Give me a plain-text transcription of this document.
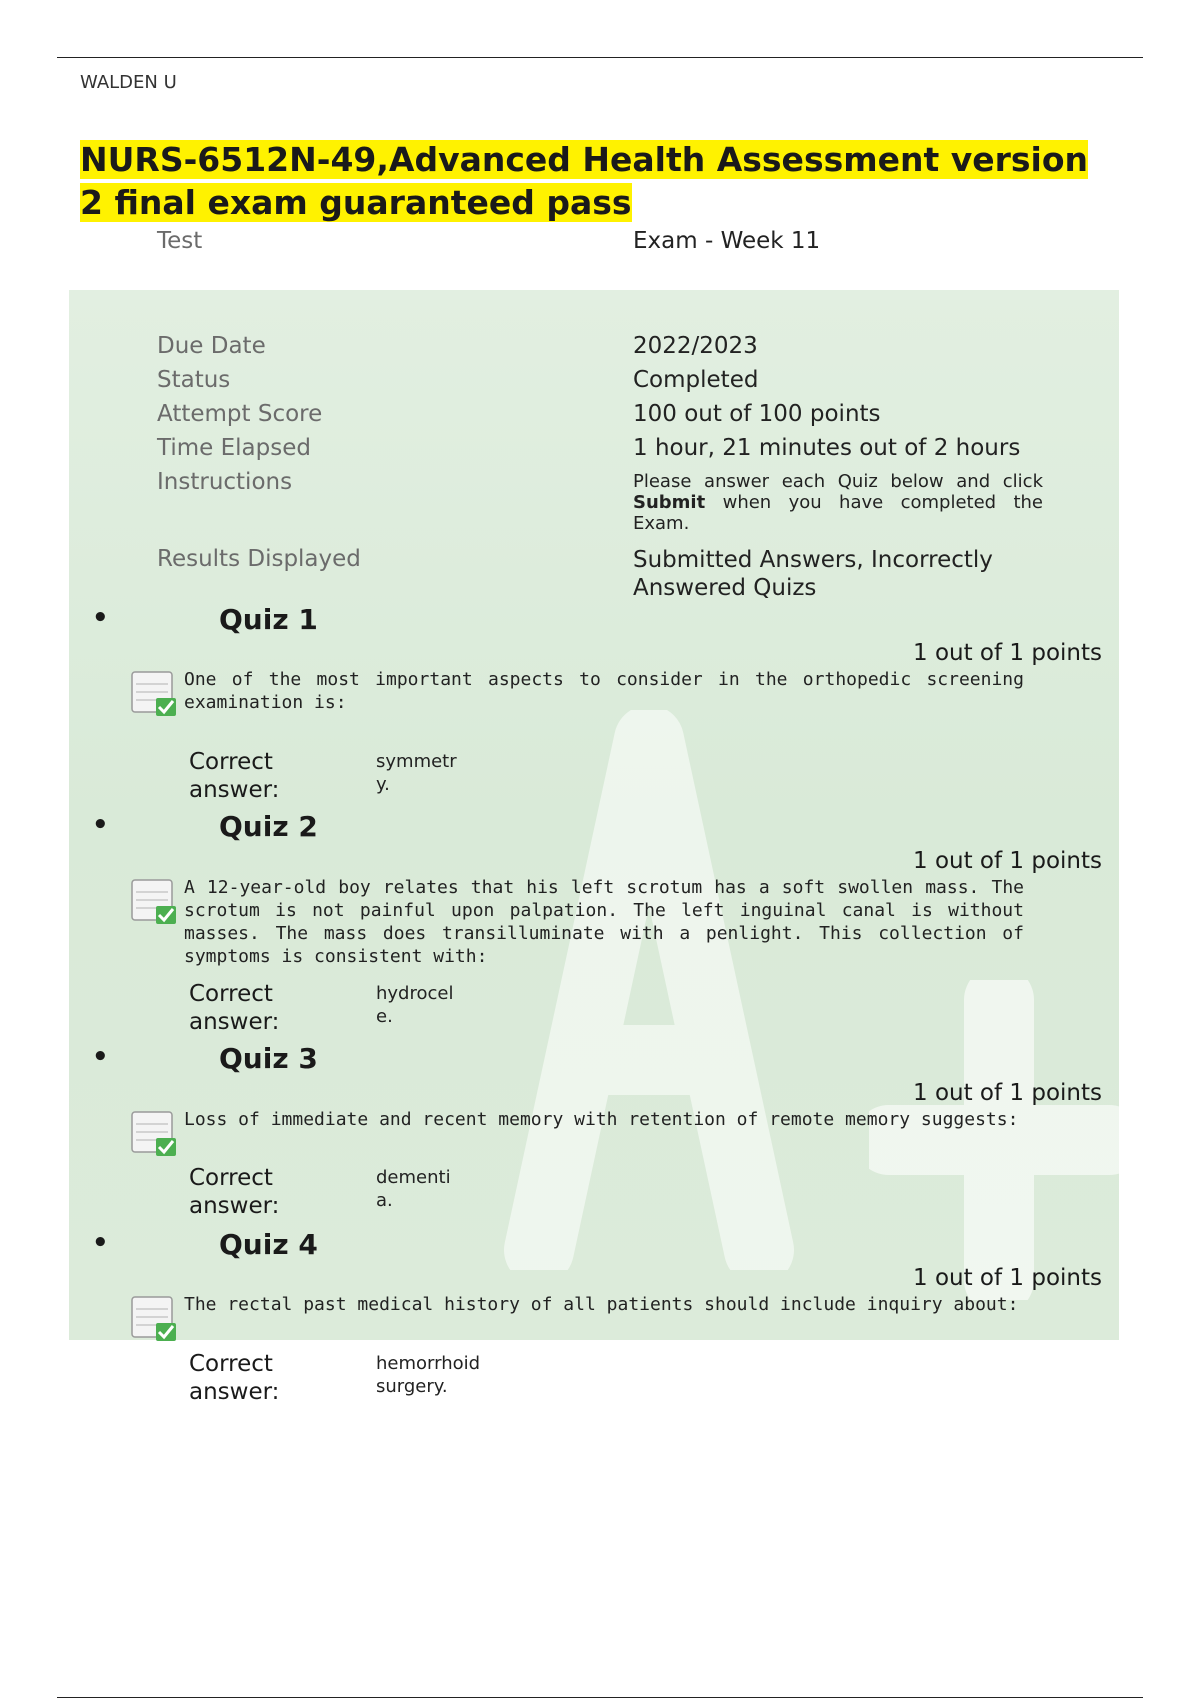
WALDEN U
NURS-6512N-49,Advanced Health Assessment version 2 final exam guaranteed pass
Test	Exam - Week 11
Due Date	2022/2023
Status	Completed
Attempt Score	100 out of 100 points
Time Elapsed	1 hour, 21 minutes out of 2 hours
Instructions	Please answer each Quiz below and click Submit when you have completed the Exam.
Results Displayed	Submitted Answers, Incorrectly Answered Quizs
•	Quiz 1
1 out of 1 points
One of the most important aspects to consider in the orthopedic screening examination is:
Correct answer:
symmetry.
•	Quiz 2
1 out of 1 points
A 12-year-old boy relates that his left scrotum has a soft swollen mass. The scrotum is not painful upon palpation. The left inguinal canal is without masses. The mass does transilluminate with a penlight. This collection of symptoms is consistent with:
Correct answer:
hydrocele.
•	Quiz 3
1 out of 1 points
Loss of immediate and recent memory with retention of remote memory suggests:
Correct answer:
dementia.
•	Quiz 4
1 out of 1 points
The rectal past medical history of all patients should include inquiry about:
Correct answer:
hemorrhoid surgery.
